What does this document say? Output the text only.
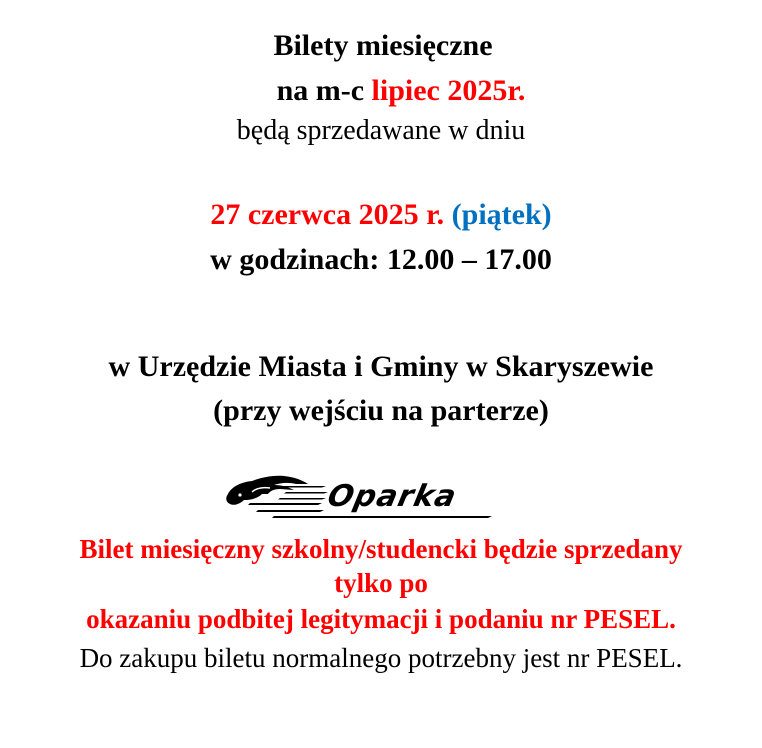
Bilety miesięczne
na m-c lipiec 2025r.
będą sprzedawane w dniu
27 czerwca 2025 r. (piątek)
w godzinach: 12.00 – 17.00
w Urzędzie Miasta i Gminy w Skaryszewie
(przy wejściu na parterze)
Oparka
Bilet miesięczny szkolny/studencki będzie sprzedany
tylko po
okazaniu podbitej legitymacji i podaniu nr PESEL.
Do zakupu biletu normalnego potrzebny jest nr PESEL.
